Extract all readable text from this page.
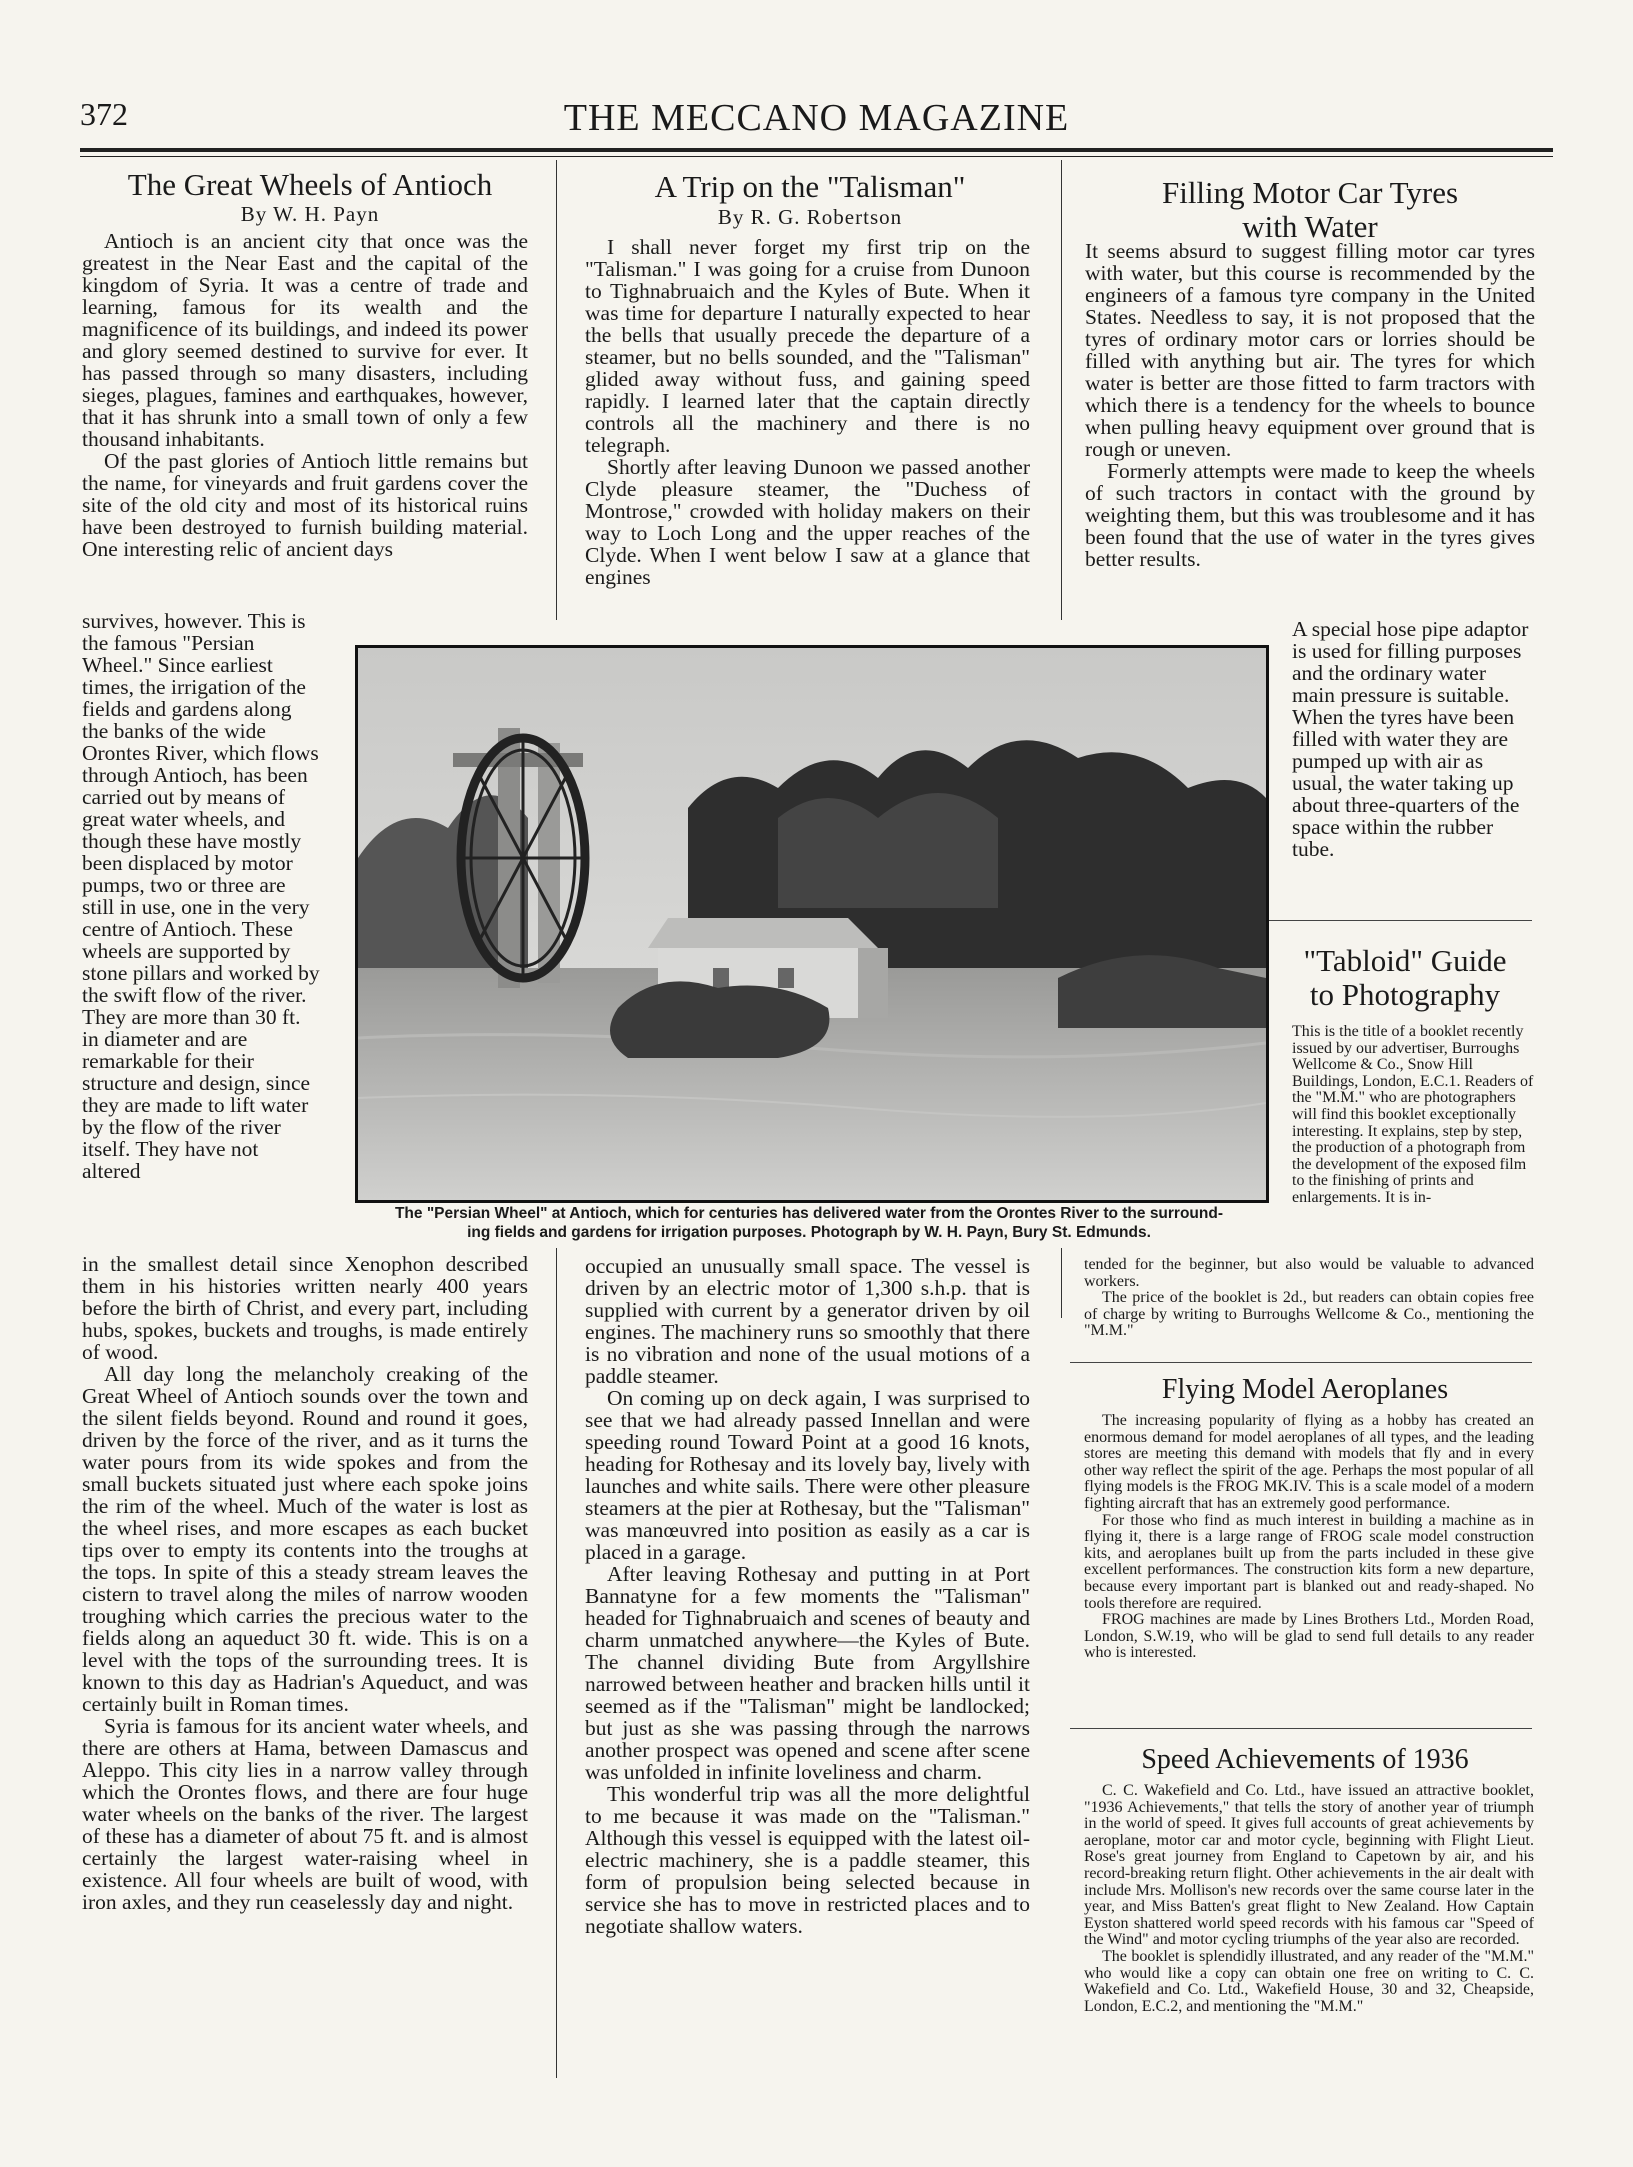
372	THE MECCANO MAGAZINE
The Great Wheels of Antioch
By W. H. Payn

Antioch is an ancient city that once was the greatest in the Near East and the capital of the kingdom of Syria. It was a centre of trade and learning, famous for its wealth and the magnificence of its buildings, and indeed its power and glory seemed destined to survive for ever. It has passed through so many disasters, including sieges, plagues, famines and earthquakes, however, that it has shrunk into a small town of only a few thousand inhabitants.

Of the past glories of Antioch little remains but the name, for vineyards and fruit gardens cover the site of the old city and most of its historical ruins have been destroyed to furnish building material. One interesting relic of ancient days

survives, however. This is the famous "Persian Wheel." Since earliest times, the irrigation of the fields and gardens along the banks of the wide Orontes River, which flows through Antioch, has been carried out by means of great water wheels, and though these have mostly been displaced by motor pumps, two or three are still in use, one in the very centre of Antioch. These wheels are supported by stone pillars and worked by the swift flow of the river. They are more than 30 ft. in diameter and are remarkable for their structure and design, since they are made to lift water by the flow of the river itself. They have not altered

in the smallest detail since Xenophon described them in his histories written nearly 400 years before the birth of Christ, and every part, including hubs, spokes, buckets and troughs, is made entirely of wood.

All day long the melancholy creaking of the Great Wheel of Antioch sounds over the town and the silent fields beyond. Round and round it goes, driven by the force of the river, and as it turns the water pours from its wide spokes and from the small buckets situated just where each spoke joins the rim of the wheel. Much of the water is lost as the wheel rises, and more escapes as each bucket tips over to empty its contents into the troughs at the tops. In spite of this a steady stream leaves the cistern to travel along the miles of narrow wooden troughing which carries the precious water to the fields along an aqueduct 30 ft. wide. This is on a level with the tops of the surrounding trees. It is known to this day as Hadrian's Aqueduct, and was certainly built in Roman times.

Syria is famous for its ancient water wheels, and there are others at Hama, between Damascus and Aleppo. This city lies in a narrow valley through which the Orontes flows, and there are four huge water wheels on the banks of the river. The largest of these has a diameter of about 75 ft. and is almost certainly the largest water-raising wheel in existence. All four wheels are built of wood, with iron axles, and they run ceaselessly day and night.

A Trip on the "Talisman"
By R. G. Robertson

I shall never forget my first trip on the "Talisman." I was going for a cruise from Dunoon to Tighnabruaich and the Kyles of Bute. When it was time for departure I naturally expected to hear the bells that usually precede the departure of a steamer, but no bells sounded, and the "Talisman" glided away without fuss, and gaining speed rapidly. I learned later that the captain directly controls all the machinery and there is no telegraph.

Shortly after leaving Dunoon we passed another Clyde pleasure steamer, the "Duchess of Montrose," crowded with holiday makers on their way to Loch Long and the upper reaches of the Clyde. When I went below I saw at a glance that engines

occupied an unusually small space. The vessel is driven by an electric motor of 1,300 s.h.p. that is supplied with current by a generator driven by oil engines. The machinery runs so smoothly that there is no vibration and none of the usual motions of a paddle steamer.

On coming up on deck again, I was surprised to see that we had already passed Innellan and were speeding round Toward Point at a good 16 knots, heading for Rothesay and its lovely bay, lively with launches and white sails. There were other pleasure steamers at the pier at Rothesay, but the "Talisman" was manœuvred into position as easily as a car is placed in a garage.

After leaving Rothesay and putting in at Port Bannatyne for a few moments the "Talisman" headed for Tighnabruaich and scenes of beauty and charm unmatched anywhere—the Kyles of Bute. The channel dividing Bute from Argyllshire narrowed between heather and bracken hills until it seemed as if the "Talisman" might be landlocked; but just as she was passing through the narrows another prospect was opened and scene after scene was unfolded in infinite loveliness and charm.

This wonderful trip was all the more delightful to me because it was made on the "Talisman." Although this vessel is equipped with the latest oil-electric machinery, she is a paddle steamer, this form of propulsion being selected because in service she has to move in restricted places and to negotiate shallow waters.

Filling Motor Car Tyres
with Water

It seems absurd to suggest filling motor car tyres with water, but this course is recommended by the engineers of a famous tyre company in the United States. Needless to say, it is not proposed that the tyres of ordinary motor cars or lorries should be filled with anything but air. The tyres for which water is better are those fitted to farm tractors with which there is a tendency for the wheels to bounce when pulling heavy equipment over ground that is rough or uneven.

Formerly attempts were made to keep the wheels of such tractors in contact with the ground by weighting them, but this was troublesome and it has been found that the use of water in the tyres gives better results.

A special hose pipe adaptor is used for filling purposes and the ordinary water main pressure is suitable. When the tyres have been filled with water they are pumped up with air as usual, the water taking up about three-quarters of the space within the rubber tube.
"Tabloid" Guide
to Photography
This is the title of a booklet recently issued by our advertiser, Burroughs Wellcome & Co., Snow Hill Buildings, London, E.C.1. Readers of the "M.M." who are photographers will find this booklet exceptionally interesting. It explains, step by step, the production of a photograph from the development of the exposed film to the finishing of prints and enlargements. It is in-

tended for the beginner, but also would be valuable to advanced workers.

The price of the booklet is 2d., but readers can obtain copies free of charge by writing to Burroughs Wellcome & Co., mentioning the "M.M."

Flying Model Aeroplanes

The increasing popularity of flying as a hobby has created an enormous demand for model aeroplanes of all types, and the leading stores are meeting this demand with models that fly and in every other way reflect the spirit of the age. Perhaps the most popular of all flying models is the FROG MK.IV. This is a scale model of a modern fighting aircraft that has an extremely good performance.

For those who find as much interest in building a machine as in flying it, there is a large range of FROG scale model construction kits, and aeroplanes built up from the parts included in these give excellent performances. The construction kits form a new departure, because every important part is blanked out and ready-shaped. No tools therefore are required.

FROG machines are made by Lines Brothers Ltd., Morden Road, London, S.W.19, who will be glad to send full details to any reader who is interested.

Speed Achievements of 1936

C. C. Wakefield and Co. Ltd., have issued an attractive booklet, "1936 Achievements," that tells the story of another year of triumph in the world of speed. It gives full accounts of great achievements by aeroplane, motor car and motor cycle, beginning with Flight Lieut. Rose's great journey from England to Capetown by air, and his record-breaking return flight. Other achievements in the air dealt with include Mrs. Mollison's new records over the same course later in the year, and Miss Batten's great flight to New Zealand. How Captain Eyston shattered world speed records with his famous car "Speed of the Wind" and motor cycling triumphs of the year also are recorded.

The booklet is splendidly illustrated, and any reader of the "M.M." who would like a copy can obtain one free on writing to C. C. Wakefield and Co. Ltd., Wakefield House, 30 and 32, Cheapside, London, E.C.2, and mentioning the "M.M."

The "Persian Wheel" at Antioch, which for centuries has delivered water from the Orontes River to the surround-
ing fields and gardens for irrigation purposes. Photograph by W. H. Payn, Bury St. Edmunds.
